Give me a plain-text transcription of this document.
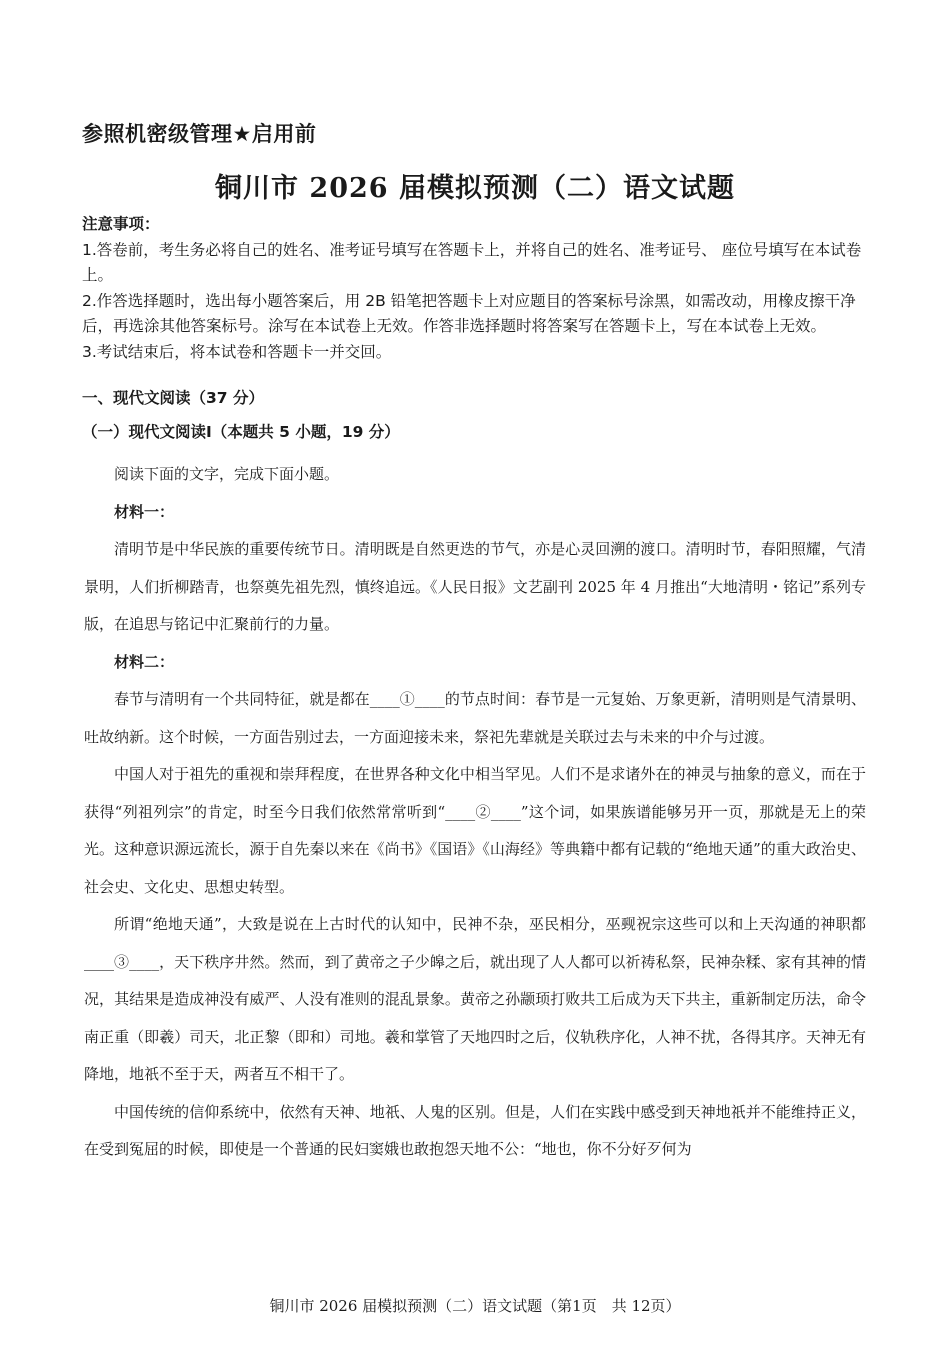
参照机密级管理★启用前
铜川市 2026 届模拟预测（二）语文试题

注意事项：

1.答卷前，考生务必将自己的姓名、准考证号填写在答题卡上，并将自己的姓名、准考证号、 座位号填写在本试卷上。

2.作答选择题时，选出每小题答案后，用 2B 铅笔把答题卡上对应题目的答案标号涂黑，如需改动，用橡皮擦干净后，再选涂其他答案标号。涂写在本试卷上无效。作答非选择题时将答案写在答题卡上，写在本试卷上无效。

3.考试结束后，将本试卷和答题卡一并交回。

一、现代文阅读（37 分）
（一）现代文阅读Ⅰ（本题共 5 小题，19 分）

阅读下面的文字，完成下面小题。

材料一：

清明节是中华民族的重要传统节日。清明既是自然更迭的节气，亦是心灵回溯的渡口。清明时节，春阳照耀，气清景明，人们折柳踏青，也祭奠先祖先烈，慎终追远。《人民日报》文艺副刊 2025 年 4 月推出“大地清明・铭记”系列专版，在追思与铭记中汇聚前行的力量。

材料二：

春节与清明有一个共同特征，就是都在____①____的节点时间：春节是一元复始、万象更新，清明则是气清景明、吐故纳新。这个时候，一方面告别过去，一方面迎接未来，祭祀先辈就是关联过去与未来的中介与过渡。

中国人对于祖先的重视和崇拜程度，在世界各种文化中相当罕见。人们不是求诸外在的神灵与抽象的意义，而在于获得“列祖列宗”的肯定，时至今日我们依然常常听到“____②____”这个词，如果族谱能够另开一页，那就是无上的荣光。这种意识源远流长，源于自先秦以来在《尚书》《国语》《山海经》等典籍中都有记载的“绝地天通”的重大政治史、社会史、文化史、思想史转型。

所谓“绝地天通”，大致是说在上古时代的认知中，民神不杂，巫民相分，巫觋祝宗这些可以和上天沟通的神职都____③____，天下秩序井然。然而，到了黄帝之子少皞之后，就出现了人人都可以祈祷私祭，民神杂糅、家有其神的情况，其结果是造成神没有威严、人没有准则的混乱景象。黄帝之孙颛顼打败共工后成为天下共主，重新制定历法，命令南正重（即羲）司天，北正黎（即和）司地。羲和掌管了天地四时之后，仪轨秩序化，人神不扰，各得其序。天神无有降地，地祇不至于天，两者互不相干了。

中国传统的信仰系统中，依然有天神、地祇、人鬼的区别。但是，人们在实践中感受到天神地祇并不能维持正义，在受到冤屈的时候，即使是一个普通的民妇窦娥也敢抱怨天地不公：“地也，你不分好歹何为

铜川市 2026 届模拟预测（二）语文试题（第1页　共 12页）
